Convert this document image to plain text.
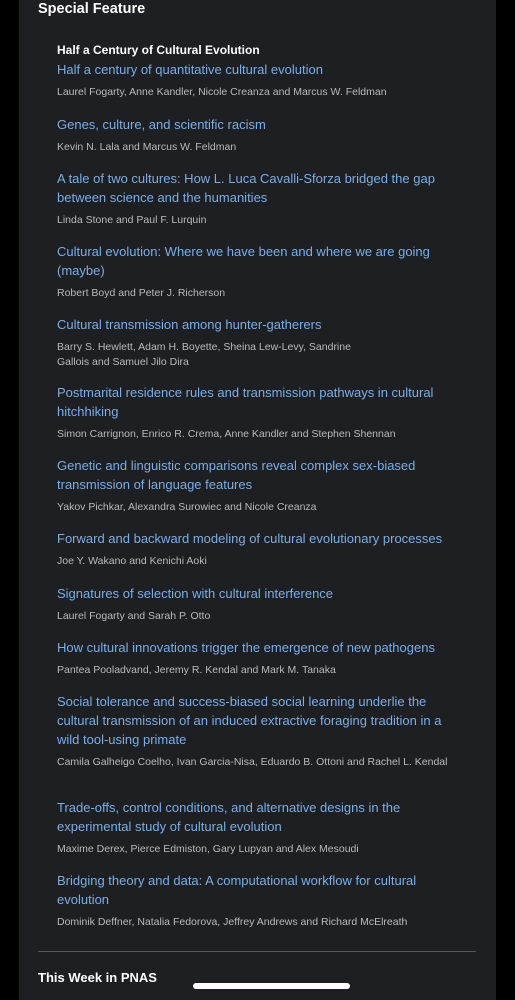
Special Feature
Half a Century of Cultural Evolution
Half a century of quantitative cultural evolution
Laurel Fogarty, Anne Kandler, Nicole Creanza and Marcus W. Feldman
Genes, culture, and scientific racism
Kevin N. Lala and Marcus W. Feldman
A tale of two cultures: How L. Luca Cavalli-Sforza bridged the gap between science and the humanities
Linda Stone and Paul F. Lurquin
Cultural evolution: Where we have been and where we are going (maybe)
Robert Boyd and Peter J. Richerson
Cultural transmission among hunter-gatherers
Barry S. Hewlett, Adam H. Boyette, Sheina Lew-Levy, Sandrine Gallois and Samuel Jilo Dira
Postmarital residence rules and transmission pathways in cultural hitchhiking
Simon Carrignon, Enrico R. Crema, Anne Kandler and Stephen Shennan
Genetic and linguistic comparisons reveal complex sex-biased transmission of language features
Yakov Pichkar, Alexandra Surowiec and Nicole Creanza
Forward and backward modeling of cultural evolutionary processes
Joe Y. Wakano and Kenichi Aoki
Signatures of selection with cultural interference
Laurel Fogarty and Sarah P. Otto
How cultural innovations trigger the emergence of new pathogens
Pantea Pooladvand, Jeremy R. Kendal and Mark M. Tanaka
Social tolerance and success-biased social learning underlie the cultural transmission of an induced extractive foraging tradition in a wild tool-using primate
Camila Galheigo Coelho, Ivan Garcia-Nisa, Eduardo B. Ottoni and Rachel L. Kendal
Trade-offs, control conditions, and alternative designs in the experimental study of cultural evolution
Maxime Derex, Pierce Edmiston, Gary Lupyan and Alex Mesoudi
Bridging theory and data: A computational workflow for cultural evolution
Dominik Deffner, Natalia Fedorova, Jeffrey Andrews and Richard McElreath
This Week in PNAS
